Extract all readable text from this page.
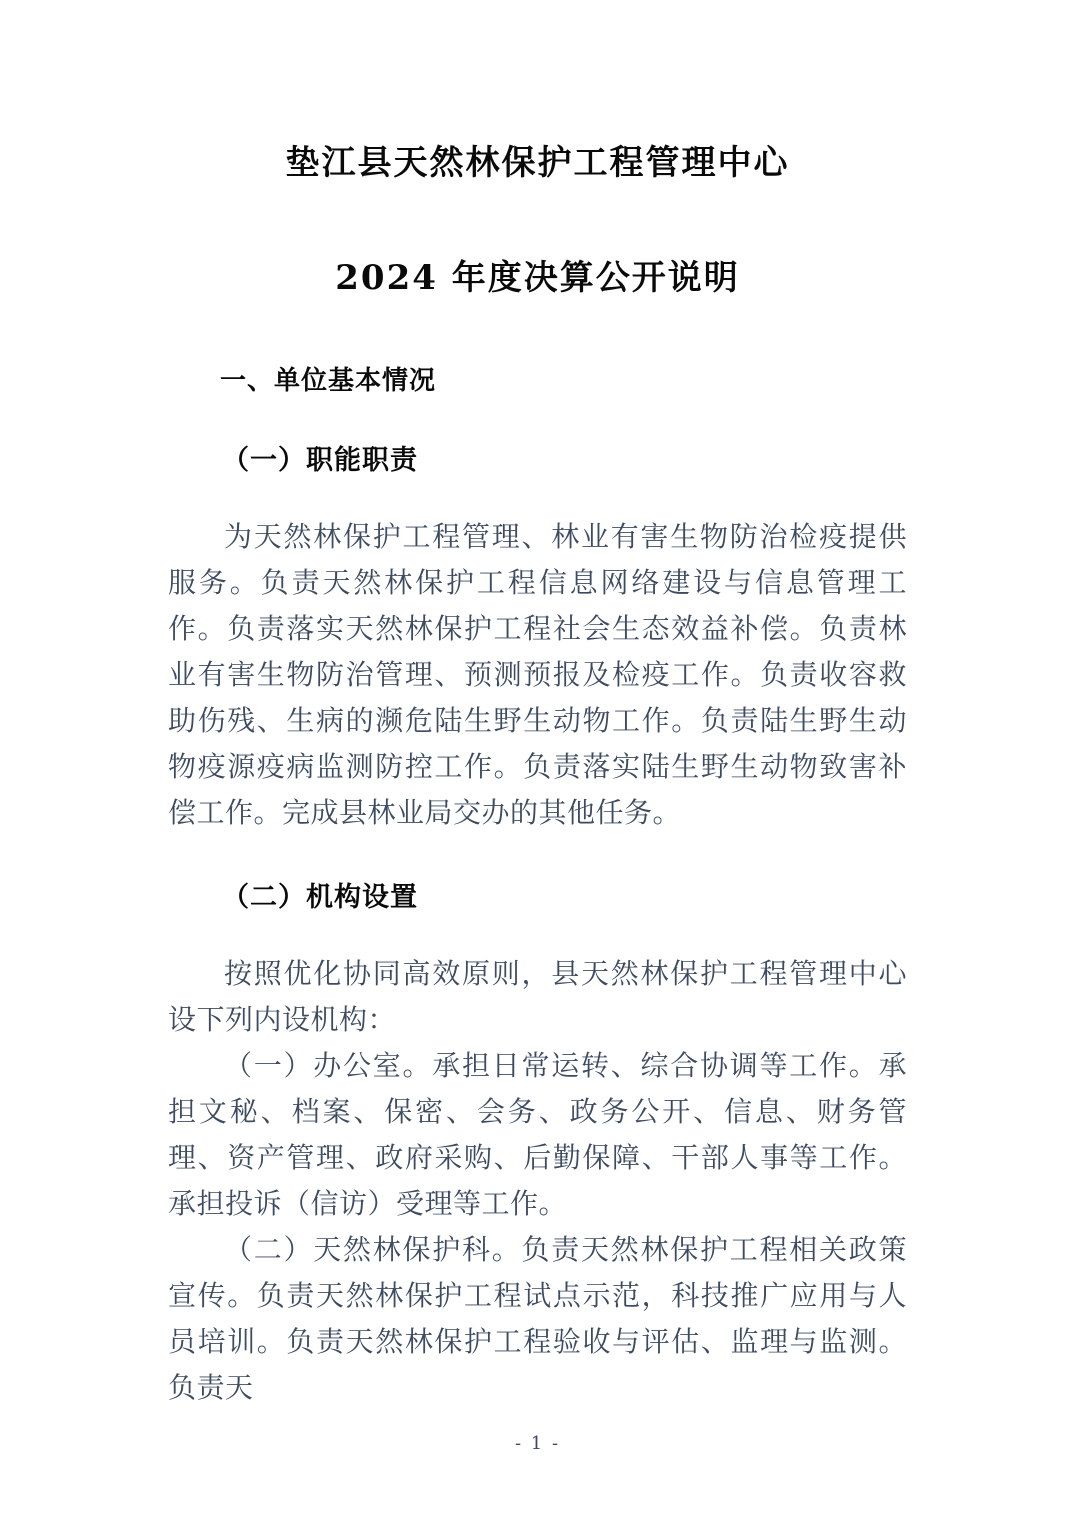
垫江县天然林保护工程管理中心
2024 年度决算公开说明
一、单位基本情况
（一）职能职责

为天然林保护工程管理、林业有害生物防治检疫提供服务。负责天然林保护工程信息网络建设与信息管理工作。负责落实天然林保护工程社会生态效益补偿。负责林业有害生物防治管理、预测预报及检疫工作。负责收容救助伤残、生病的濒危陆生野生动物工作。负责陆生野生动物疫源疫病监测防控工作。负责落实陆生野生动物致害补偿工作。完成县林业局交办的其他任务。

（二）机构设置

按照优化协同高效原则，县天然林保护工程管理中心设下列内设机构：

（一）办公室。承担日常运转、综合协调等工作。承担文秘、档案、保密、会务、政务公开、信息、财务管理、资产管理、政府采购、后勤保障、干部人事等工作。承担投诉（信访）受理等工作。

（二）天然林保护科。负责天然林保护工程相关政策宣传。负责天然林保护工程试点示范，科技推广应用与人员培训。负责天然林保护工程验收与评估、监理与监测。负责天

- 1 -
